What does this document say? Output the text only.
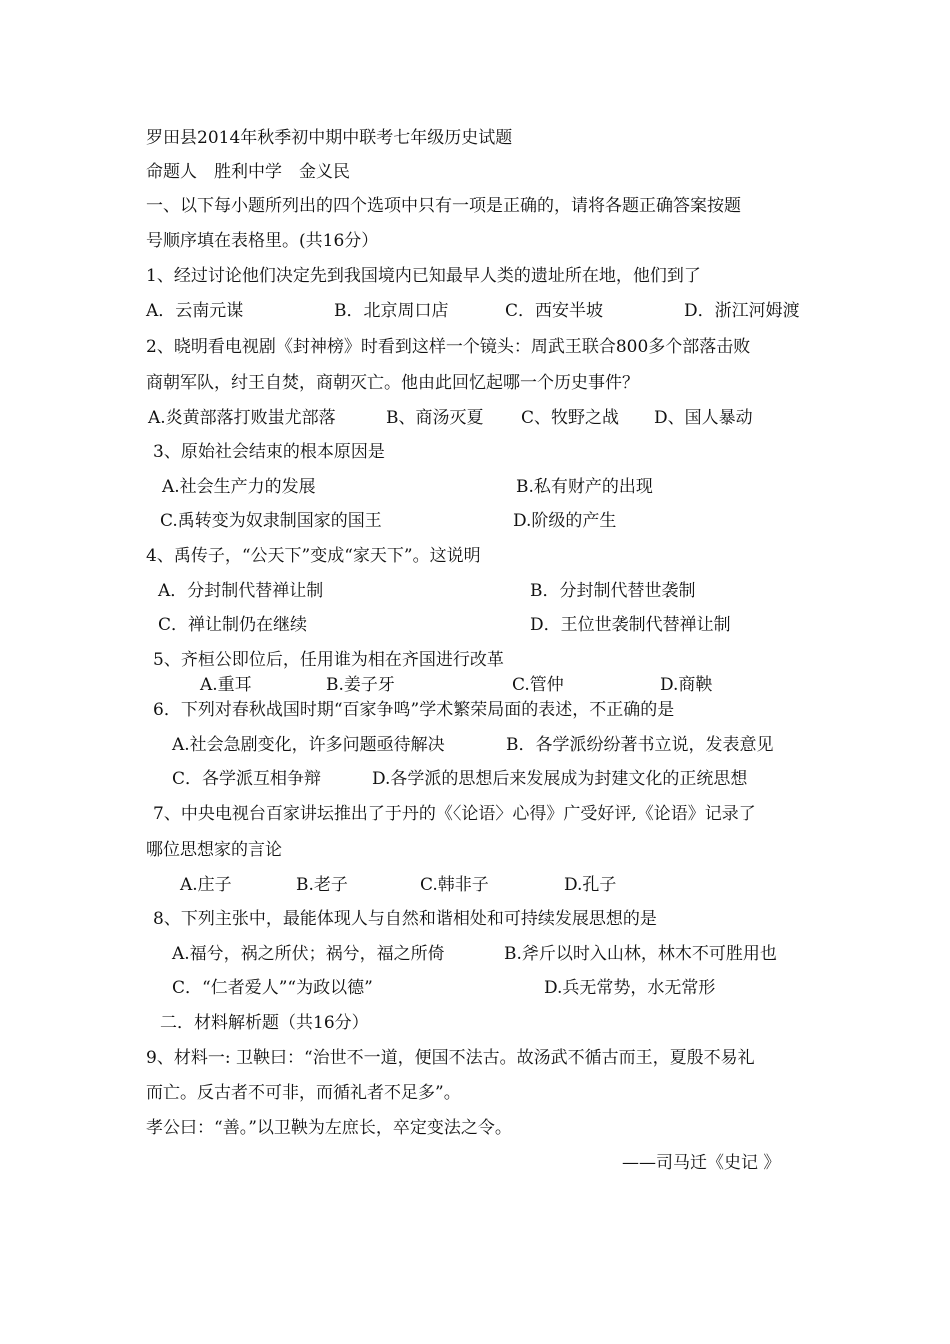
罗田县2014年秋季初中期中联考七年级历史试题
命题人　胜利中学　金义民
一、以下每小题所列出的四个选项中只有一项是正确的，请将各题正确答案按题
号顺序填在表格里。(共16分）
1、经过讨论他们决定先到我国境内已知最早人类的遗址所在地，他们到了
A．云南元谋	B．北京周口店	C．西安半坡	D．浙江河姆渡
2、晓明看电视剧《封神榜》时看到这样一个镜头：周武王联合800多个部落击败
商朝军队，纣王自焚，商朝灭亡。他由此回忆起哪一个历史事件？
A.炎黄部落打败蚩尤部落	B、商汤灭夏 C、牧野之战 D、国人暴动
3、原始社会结束的根本原因是
A.社会生产力的发展	B.私有财产的出现
C.禹转变为奴隶制国家的国王	D.阶级的产生
4、禹传子，“公天下”变成“家天下”。这说明
A．分封制代替禅让制	B．分封制代替世袭制
C．禅让制仍在继续	D．王位世袭制代替禅让制
5、齐桓公即位后，任用谁为相在齐国进行改革
A.重耳	B.姜子牙	C.管仲	D.商鞅
6．下列对春秋战国时期“百家争鸣”学术繁荣局面的表述，不正确的是
A.社会急剧变化，许多问题亟待解决	B．各学派纷纷著书立说，发表意见
C．各学派互相争辩	D.各学派的思想后来发展成为封建文化的正统思想
7、中央电视台百家讲坛推出了于丹的《〈论语〉心得》广受好评,《论语》记录了
哪位思想家的言论
A.庄子	B.老子	C.韩非子	D.孔子
8、下列主张中，最能体现人与自然和谐相处和可持续发展思想的是
A.福兮，祸之所伏；祸兮，福之所倚	B.斧斤以时入山林，林木不可胜用也
C．“仁者爱人”“为政以德”	D.兵无常势，水无常形
二．材料解析题（共16分）
9、材料一: 卫鞅曰：“治世不一道，便国不法古。故汤武不循古而王，夏殷不易礼
而亡。反古者不可非，而循礼者不足多”。
孝公曰：“善。”以卫鞅为左庶长，卒定变法之令。
——司马迁《史记 》
